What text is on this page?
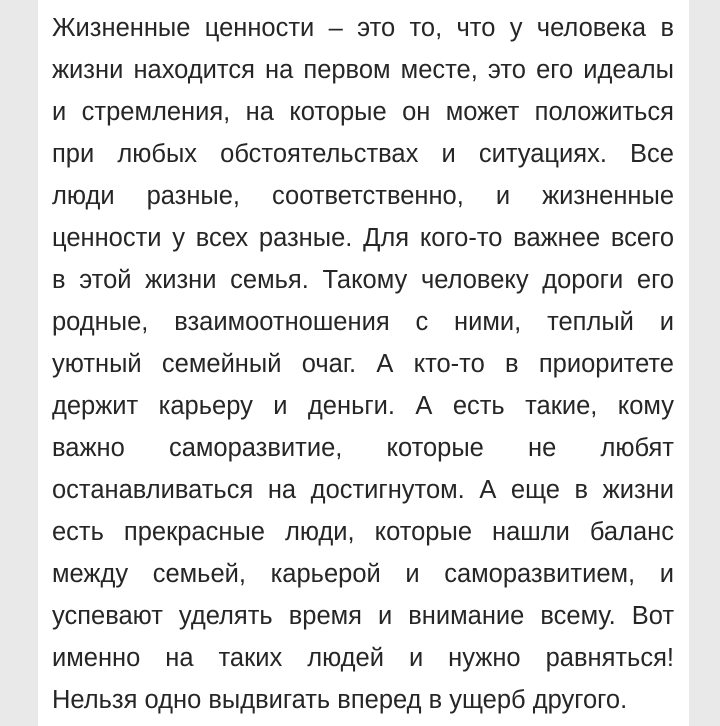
Жизненные ценности – это то, что у человека в
жизни находится на первом месте, это его идеалы
и стремления, на которые он может положиться
при любых обстоятельствах и ситуациях. Все
люди разные, соответственно, и жизненные
ценности у всех разные. Для кого-то важнее всего
в этой жизни семья. Такому человеку дороги его
родные, взаимоотношения с ними, теплый и
уютный семейный очаг. А кто-то в приоритете
держит карьеру и деньги. А есть такие, кому
важно саморазвитие, которые не любят
останавливаться на достигнутом. А еще в жизни
есть прекрасные люди, которые нашли баланс
между семьей, карьерой и саморазвитием, и
успевают уделять время и внимание всему. Вот
именно на таких людей и нужно равняться!
Нельзя одно выдвигать вперед в ущерб другого.
